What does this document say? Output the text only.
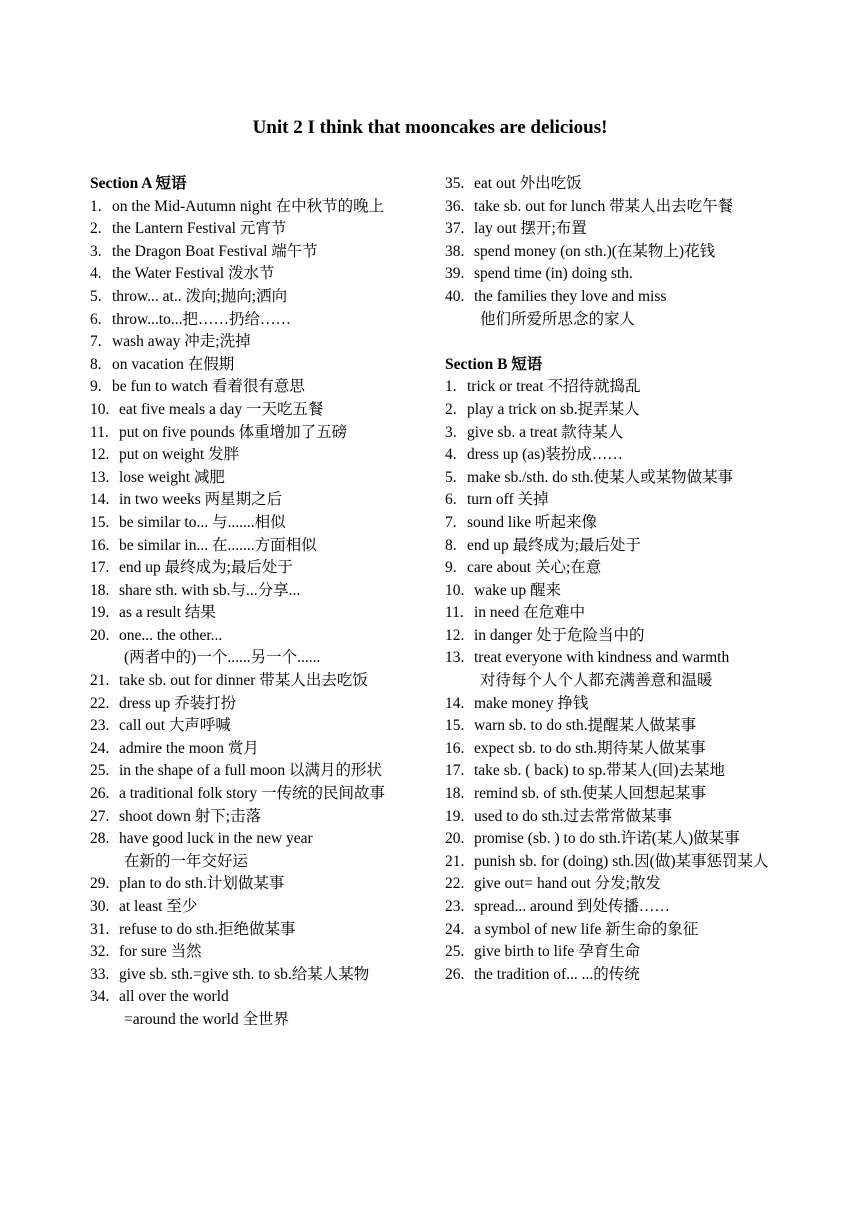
Unit 2 I think that mooncakes are delicious!
Section A 短语
1. on the Mid-Autumn night 在中秋节的晚上
2. the Lantern Festival 元宵节
3. the Dragon Boat Festival 端午节
4. the Water Festival 泼水节
5. throw... at.. 泼向;抛向;洒向
6. throw...to...把……扔给……
7. wash away 冲走;洗掉
8. on vacation 在假期
9. be fun to watch 看着很有意思
10. eat five meals a day 一天吃五餐
11. put on five pounds 体重增加了五磅
12. put on weight 发胖
13. lose weight 减肥
14. in two weeks 两星期之后
15. be similar to... 与.......相似
16. be similar in... 在.......方面相似
17. end up 最终成为;最后处于
18. share sth. with sb.与...分享...
19. as a result 结果
20. one... the other...
(两者中的)一个......另一个......
21. take sb. out for dinner 带某人出去吃饭
22. dress up 乔装打扮
23. call out 大声呼喊
24. admire the moon 赏月
25. in the shape of a full moon 以满月的形状
26. a traditional folk story 一传统的民间故事
27. shoot down 射下;击落
28. have good luck in the new year
在新的一年交好运
29. plan to do sth.计划做某事
30. at least 至少
31. refuse to do sth.拒绝做某事
32. for sure 当然
33. give sb. sth.=give sth. to sb.给某人某物
34. all over the world
=around the world 全世界
35. eat out 外出吃饭
36. take sb. out for lunch 带某人出去吃午餐
37. lay out 摆开;布置
38. spend money (on sth.)(在某物上)花钱
39. spend time (in) doing sth.
40. the families they love and miss
他们所爱所思念的家人
Section B 短语
1. trick or treat 不招待就捣乱
2. play a trick on sb.捉弄某人
3. give sb. a treat 款待某人
4. dress up (as)装扮成……
5. make sb./sth. do sth.使某人或某物做某事
6. turn off 关掉
7. sound like 听起来像
8. end up 最终成为;最后处于
9. care about 关心;在意
10. wake up 醒来
11. in need 在危难中
12. in danger 处于危险当中的
13. treat everyone with kindness and warmth
对待每个人个人都充满善意和温暖
14. make money 挣钱
15. warn sb. to do sth.提醒某人做某事
16. expect sb. to do sth.期待某人做某事
17. take sb. ( back) to sp.带某人(回)去某地
18. remind sb. of sth.使某人回想起某事
19. used to do sth.过去常常做某事
20. promise (sb. ) to do sth.许诺(某人)做某事
21. punish sb. for (doing) sth.因(做)某事惩罚某人
22. give out= hand out 分发;散发
23. spread... around 到处传播……
24. a symbol of new life 新生命的象征
25. give birth to life 孕育生命
26. the tradition of... ...的传统
